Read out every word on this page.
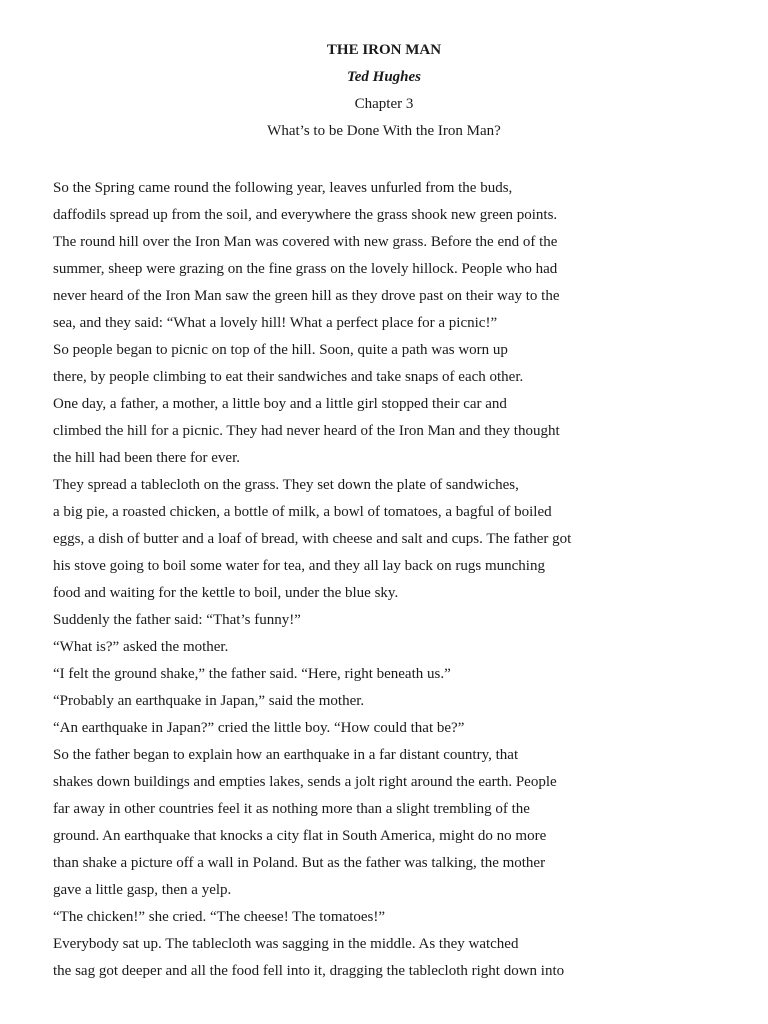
THE IRON MAN

Ted Hughes

Chapter 3

What’s to be Done With the Iron Man?

So the Spring came round the following year, leaves unfurled from the buds,
daffodils spread up from the soil, and everywhere the grass shook new green points.
The round hill over the Iron Man was covered with new grass. Before the end of the
summer, sheep were grazing on the fine grass on the lovely hillock. People who had
never heard of the Iron Man saw the green hill as they drove past on their way to the
sea, and they said: “What a lovely hill! What a perfect place for a picnic!”
So people began to picnic on top of the hill. Soon, quite a path was worn up
there, by people climbing to eat their sandwiches and take snaps of each other.
One day, a father, a mother, a little boy and a little girl stopped their car and
climbed the hill for a picnic. They had never heard of the Iron Man and they thought
the hill had been there for ever.
They spread a tablecloth on the grass. They set down the plate of sandwiches,
a big pie, a roasted chicken, a bottle of milk, a bowl of tomatoes, a bagful of boiled
eggs, a dish of butter and a loaf of bread, with cheese and salt and cups. The father got
his stove going to boil some water for tea, and they all lay back on rugs munching
food and waiting for the kettle to boil, under the blue sky.
Suddenly the father said: “That’s funny!”
“What is?” asked the mother.
“I felt the ground shake,” the father said. “Here, right beneath us.”
“Probably an earthquake in Japan,” said the mother.
“An earthquake in Japan?” cried the little boy. “How could that be?”
So the father began to explain how an earthquake in a far distant country, that
shakes down buildings and empties lakes, sends a jolt right around the earth. People
far away in other countries feel it as nothing more than a slight trembling of the
ground. An earthquake that knocks a city flat in South America, might do no more
than shake a picture off a wall in Poland. But as the father was talking, the mother
gave a little gasp, then a yelp.
“The chicken!” she cried. “The cheese! The tomatoes!”
Everybody sat up. The tablecloth was sagging in the middle. As they watched
the sag got deeper and all the food fell into it, dragging the tablecloth right down into
